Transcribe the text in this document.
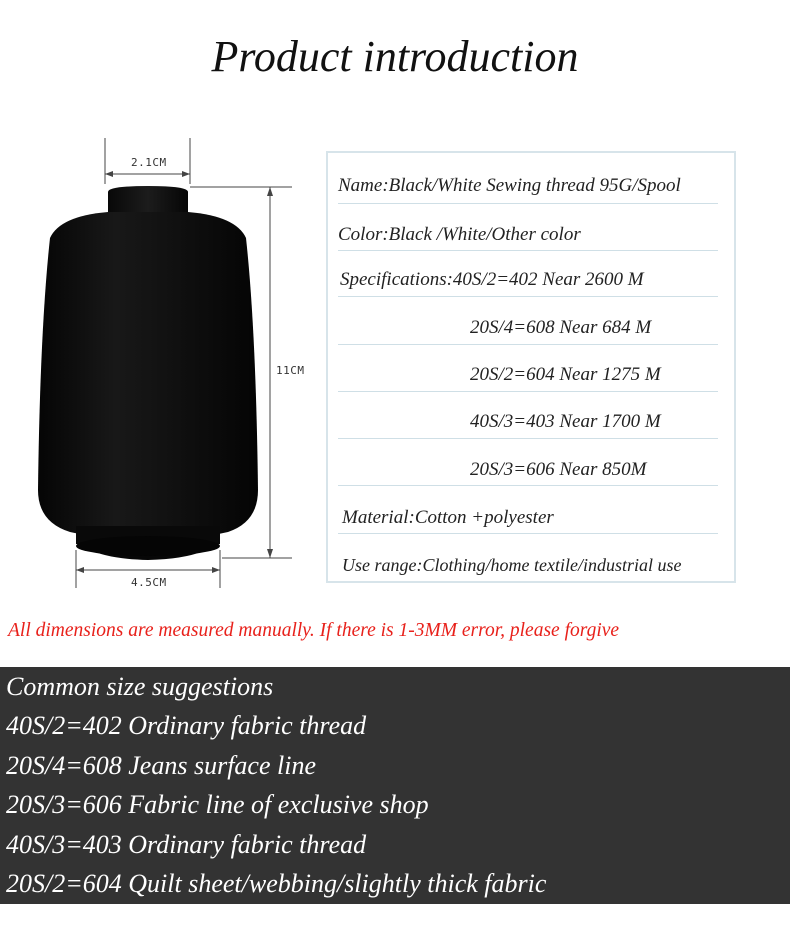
Product introduction
2.1CM
11CM
4.5CM
Name:Black/White Sewing thread 95G/Spool
Color:Black /White/Other color
Specifications:40S/2=402 Near 2600 M
20S/4=608 Near 684 M
20S/2=604 Near 1275 M
40S/3=403 Near 1700 M
20S/3=606 Near 850M
Material:Cotton +polyester
Use range:Clothing/home textile/industrial use
All dimensions are measured manually. If there is 1-3MM error, please forgive
Common size suggestions
40S/2=402 Ordinary fabric thread
20S/4=608 Jeans surface line
20S/3=606 Fabric line of exclusive shop
40S/3=403 Ordinary fabric thread
20S/2=604 Quilt sheet/webbing/slightly thick fabric
